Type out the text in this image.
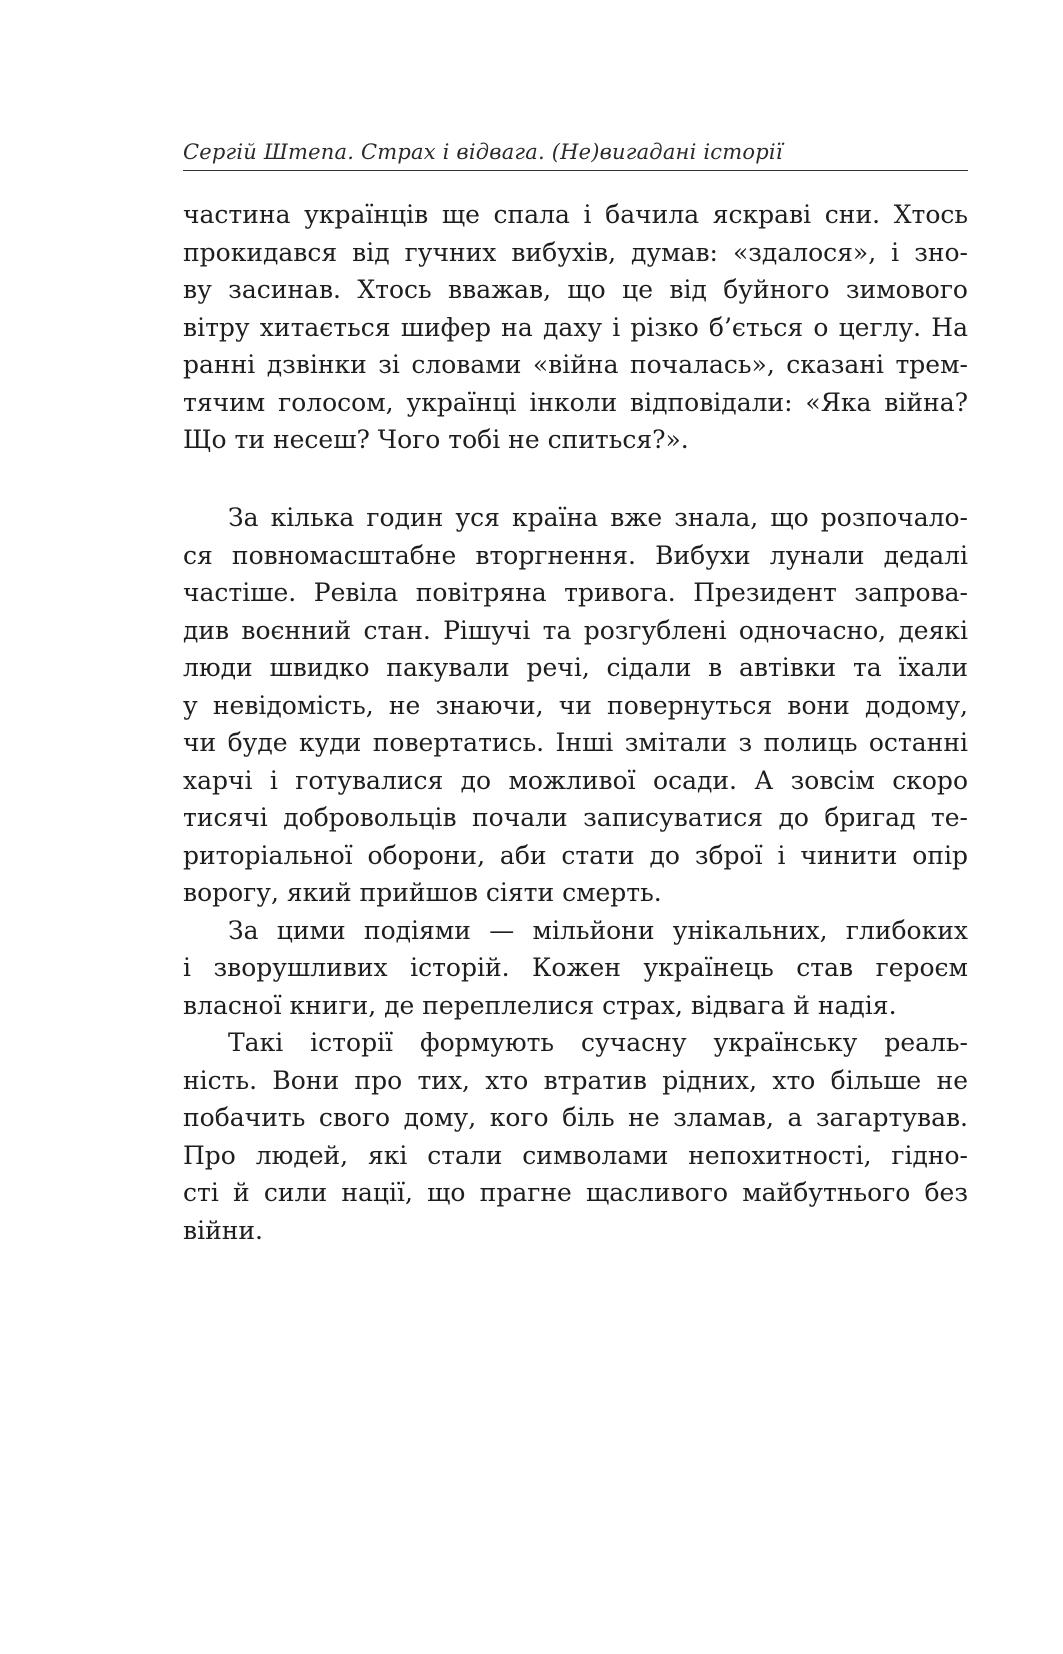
Сергій Штепа. Страх і відвага. (Не)вигадані історії
частина українців ще спала і бачила яскраві сни. Хтось
прокидався від гучних вибухів, думав: «здалося», і зно-
ву засинав. Хтось вважав, що це від буйного зимового
вітру хитається шифер на даху і різко б’ється о цеглу. На
ранні дзвінки зі словами «війна почалась», сказані трем-
тячим голосом, українці інколи відповідали: «Яка війна?
Що ти несеш? Чого тобі не спиться?».
За кілька годин уся країна вже знала, що розпочало-
ся повномасштабне вторгнення. Вибухи лунали дедалі
частіше. Ревіла повітряна тривога. Президент запрова-
див воєнний стан. Рішучі та розгублені одночасно, деякі
люди швидко пакували речі, сідали в автівки та їхали
у невідомість, не знаючи, чи повернуться вони додому,
чи буде куди повертатись. Інші змітали з полиць останні
харчі і готувалися до можливої осади. А зовсім скоро
тисячі добровольців почали записуватися до бригад те-
риторіальної оборони, аби стати до зброї і чинити опір
ворогу, який прийшов сіяти смерть.
За цими подіями — мільйони унікальних, глибоких
і зворушливих історій. Кожен українець став героєм
власної книги, де переплелися страх, відвага й надія.
Такі історії формують сучасну українську реаль-
ність. Вони про тих, хто втратив рідних, хто більше не
побачить свого дому, кого біль не зламав, а загартував.
Про людей, які стали символами непохитності, гідно-
сті й сили нації, що прагне щасливого майбутнього без
війни.
